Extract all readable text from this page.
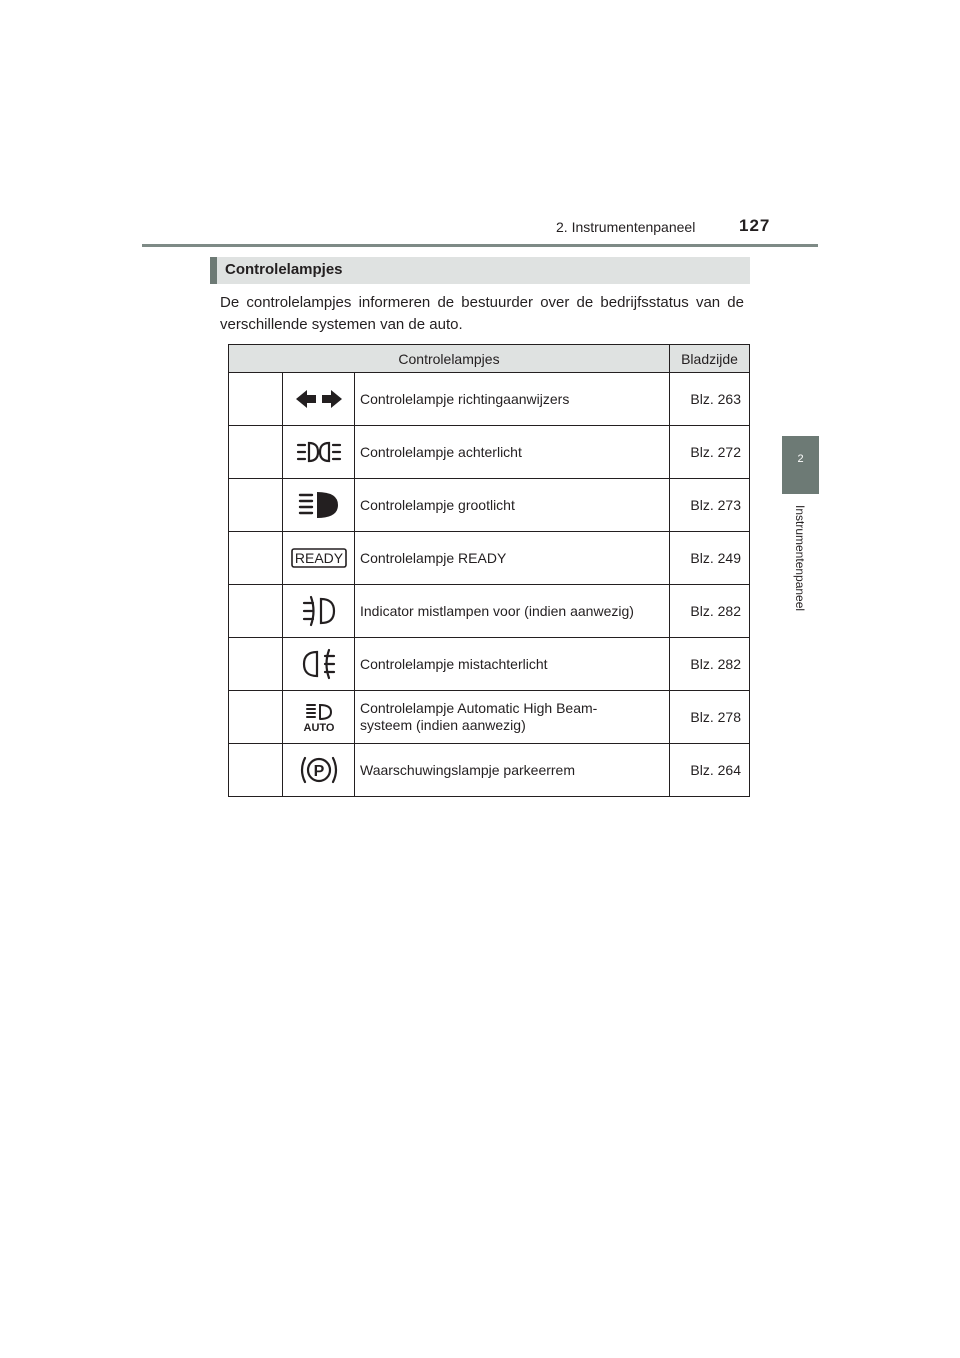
2. Instrumentenpaneel	127
2
Instrumentenpaneel
Controlelampjes
De controlelampjes informeren de bestuurder over de bedrijfsstatus van de verschillende systemen van de auto.
Controlelampjes			Bladzijde

Controlelampje richtingaanwijzers	Blz. 263

Controlelampje achterlicht	Blz. 272

Controlelampje grootlicht	Blz. 273

READY	Controlelampje READY	Blz. 249

Indicator mistlampen voor (indien aanwezig)	Blz. 282

Controlelampje mistachterlicht	Blz. 282

AUTO	Controlelampje Automatic High Beam-
systeem (indien aanwezig)	Blz. 278

P	Waarschuwingslampje parkeerrem	Blz. 264
